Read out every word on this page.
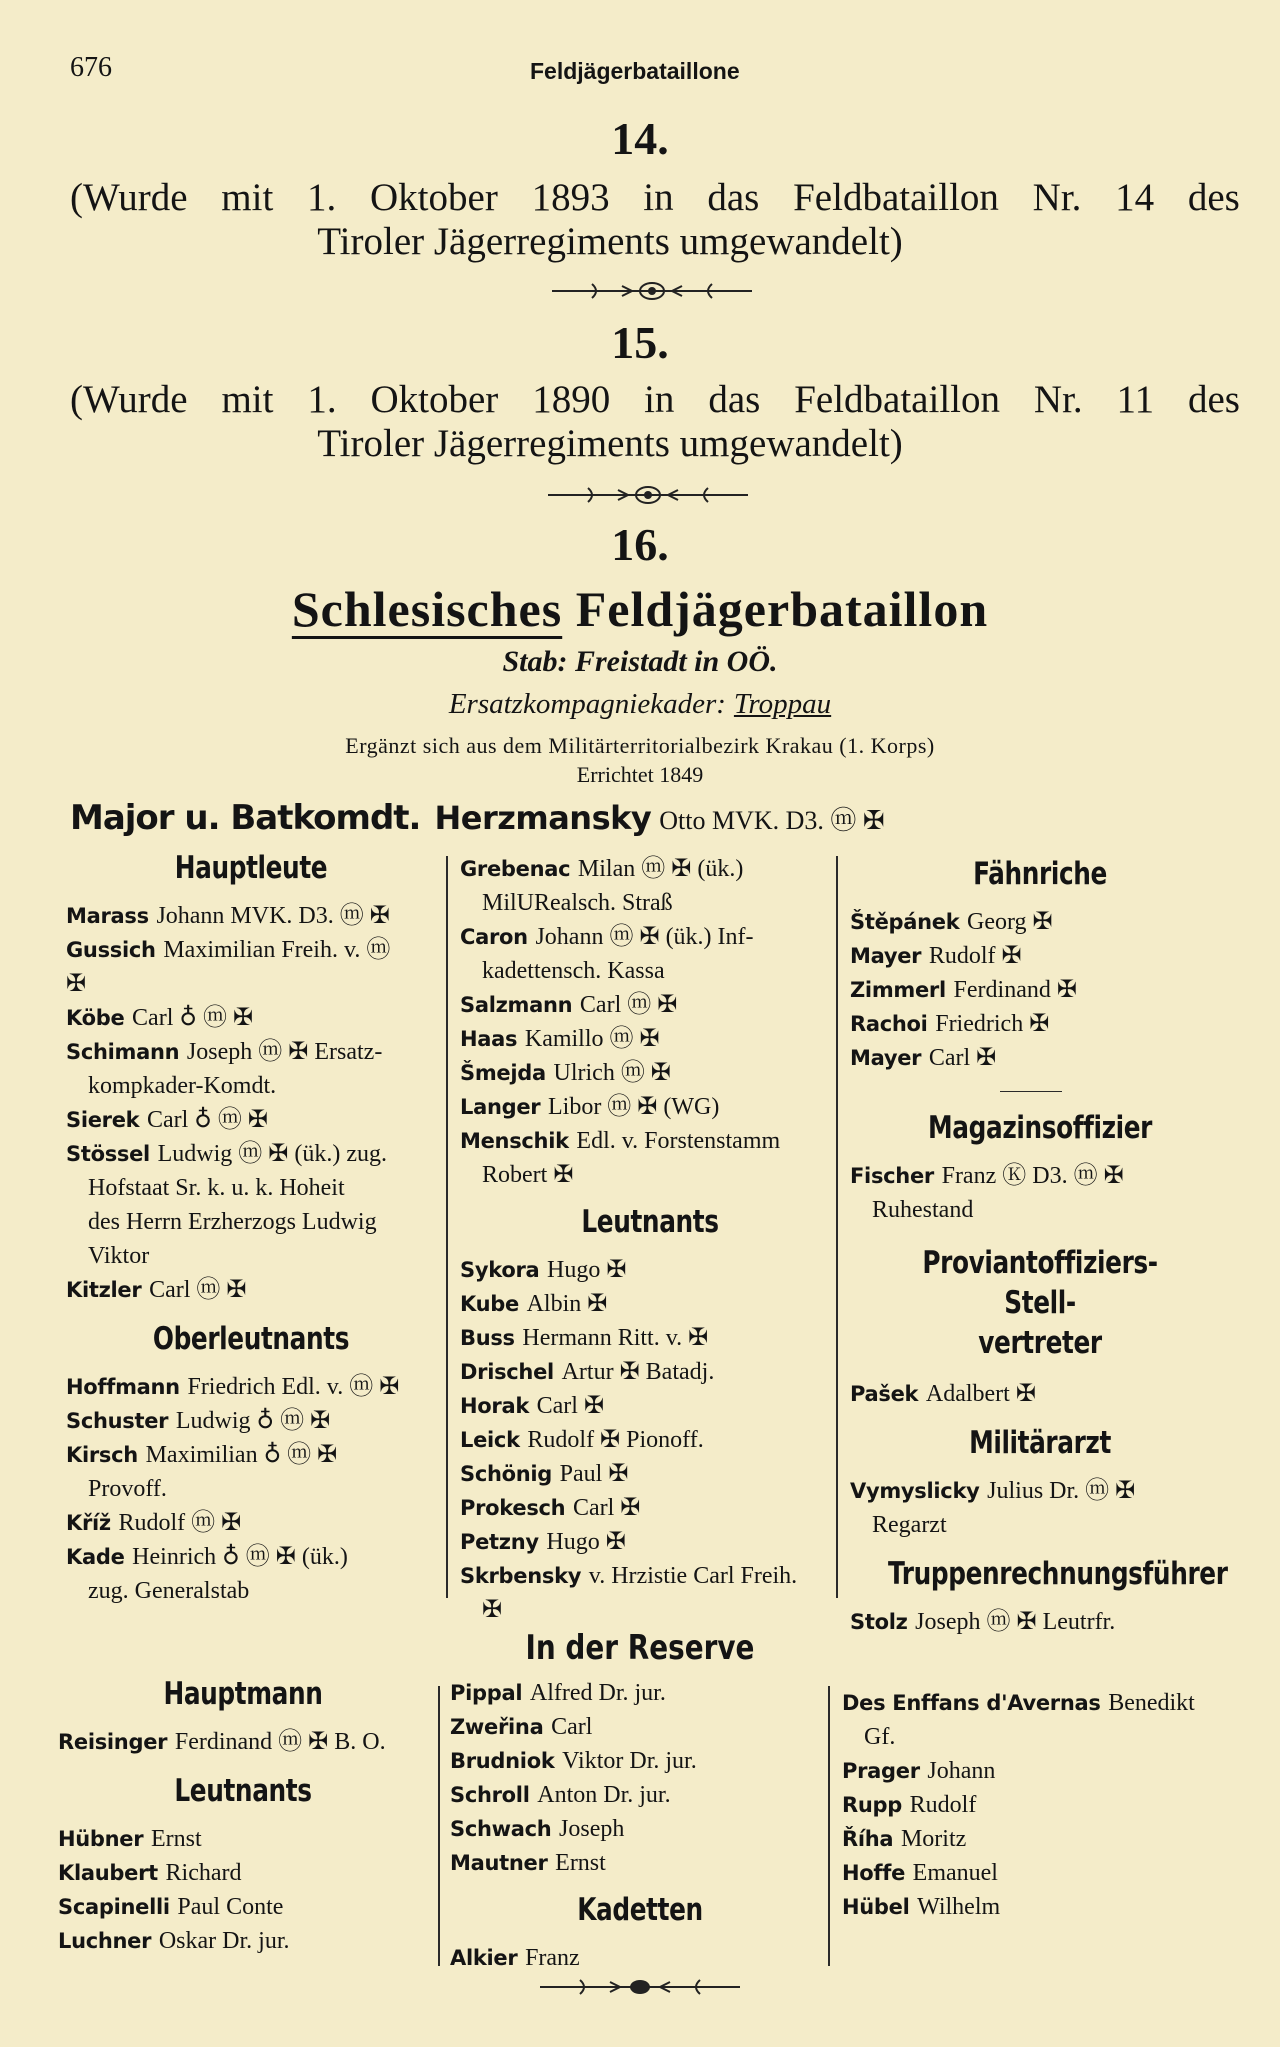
676	Feldjägerbataillone
14.
(Wurde mit 1. Oktober 1893 in das Feldbataillon Nr. 14 des
Tiroler Jägerregiments umgewandelt)
15.
(Wurde mit 1. Oktober 1890 in das Feldbataillon Nr. 11 des
Tiroler Jägerregiments umgewandelt)
16.
Schlesisches Feldjägerbataillon
Stab: Freistadt in OÖ.
Ersatzkompagniekader: Troppau
Ergänzt sich aus dem Militärterritorialbezirk Krakau (1. Korps)
Errichtet 1849
Major u. Batkomdt. Herzmansky Otto MVK. D3. ⓜ ✠
Hauptleute
Marass Johann MVK. D3. ⓜ ✠
Gussich Maximilian Freih. v. ⓜ
✠
Köbe Carl ♁ ⓜ ✠
Schimann Joseph ⓜ ✠ Ersatz-
kompkader-Komdt.
Sierek Carl ♁ ⓜ ✠
Stössel Ludwig ⓜ ✠ (ük.) zug.
Hofstaat Sr. k. u. k. Hoheit
des Herrn Erzherzogs Ludwig
Viktor
Kitzler Carl ⓜ ✠
Oberleutnants
Hoffmann Friedrich Edl. v. ⓜ ✠
Schuster Ludwig ♁ ⓜ ✠
Kirsch Maximilian ♁ ⓜ ✠
Provoff.
Kříž Rudolf ⓜ ✠
Kade Heinrich ♁ ⓜ ✠ (ük.)
zug. Generalstab
Grebenac Milan ⓜ ✠ (ük.)
MilURealsch. Straß
Caron Johann ⓜ ✠ (ük.) Inf-
kadettensch. Kassa
Salzmann Carl ⓜ ✠
Haas Kamillo ⓜ ✠
Šmejda Ulrich ⓜ ✠
Langer Libor ⓜ ✠ (WG)
Menschik Edl. v. Forstenstamm
Robert ✠
Leutnants
Sykora Hugo ✠
Kube Albin ✠
Buss Hermann Ritt. v. ✠
Drischel Artur ✠ Batadj.
Horak Carl ✠
Leick Rudolf ✠ Pionoff.
Schönig Paul ✠
Prokesch Carl ✠
Petzny Hugo ✠
Skrbensky v. Hrzistie Carl Freih.
✠
Fähnriche
Štěpánek Georg ✠
Mayer Rudolf ✠
Zimmerl Ferdinand ✠
Rachoi Friedrich ✠
Mayer Carl ✠
Magazinsoffizier
Fischer Franz Ⓚ D3. ⓜ ✠
Ruhestand
Proviantoffiziers-Stell-
vertreter
Pašek Adalbert ✠
Militärarzt
Vymyslicky Julius Dr. ⓜ ✠
Regarzt
Truppenrechnungsführer
Stolz Joseph ⓜ ✠ Leutrfr.
In der Reserve
Hauptmann
Reisinger Ferdinand ⓜ ✠ B. O.
Leutnants
Hübner Ernst
Klaubert Richard
Scapinelli Paul Conte
Luchner Oskar Dr. jur.
Pippal Alfred Dr. jur.
Zweřina Carl
Brudniok Viktor Dr. jur.
Schroll Anton Dr. jur.
Schwach Joseph
Mautner Ernst
Kadetten
Alkier Franz
Des Enffans d'Avernas Benedikt
Gf.
Prager Johann
Rupp Rudolf
Říha Moritz
Hoffe Emanuel
Hübel Wilhelm
